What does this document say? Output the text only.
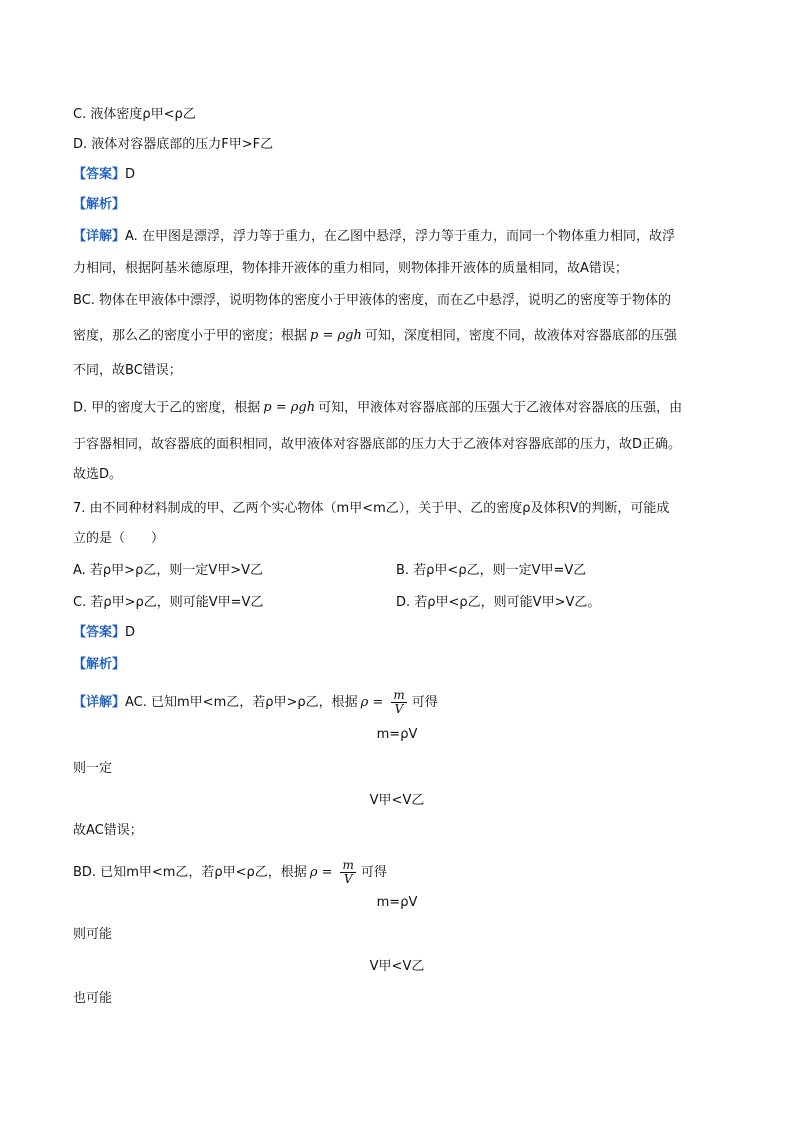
C. 液体密度ρ甲<ρ乙
D. 液体对容器底部的压力F甲>F乙
【答案】D
【解析】
【详解】A. 在甲图是漂浮，浮力等于重力，在乙图中悬浮，浮力等于重力，而同一个物体重力相同，故浮
力相同，根据阿基米德原理，物体排开液体的重力相同，则物体排开液体的质量相同，故A错误；
BC. 物体在甲液体中漂浮，说明物体的密度小于甲液体的密度，而在乙中悬浮，说明乙的密度等于物体的
密度，那么乙的密度小于甲的密度；根据 p = ρgh 可知，深度相同，密度不同，故液体对容器底部的压强
不同，故BC错误；
D. 甲的密度大于乙的密度，根据 p = ρgh 可知，甲液体对容器底部的压强大于乙液体对容器底的压强，由
于容器相同，故容器底的面积相同，故甲液体对容器底部的压力大于乙液体对容器底部的压力，故D正确。
故选D。
7. 由不同种材料制成的甲、乙两个实心物体（m甲<m乙），关于甲、乙的密度ρ及体积V的判断，可能成
立的是（　　）
A. 若ρ甲>ρ乙，则一定V甲>V乙	B. 若ρ甲<ρ乙，则一定V甲=V乙
C. 若ρ甲>ρ乙，则可能V甲=V乙	D. 若ρ甲<ρ乙，则可能V甲>V乙。
【答案】D
【解析】
【详解】AC. 已知m甲<m乙，若ρ甲>ρ乙，根据 $\rho = \frac{m}{V}$ 可得
m=ρV
则一定
V甲<V乙
故AC错误；
BD. 已知m甲<m乙，若ρ甲<ρ乙，根据 $\rho = \frac{m}{V}$ 可得
m=ρV
则可能
V甲<V乙
也可能
